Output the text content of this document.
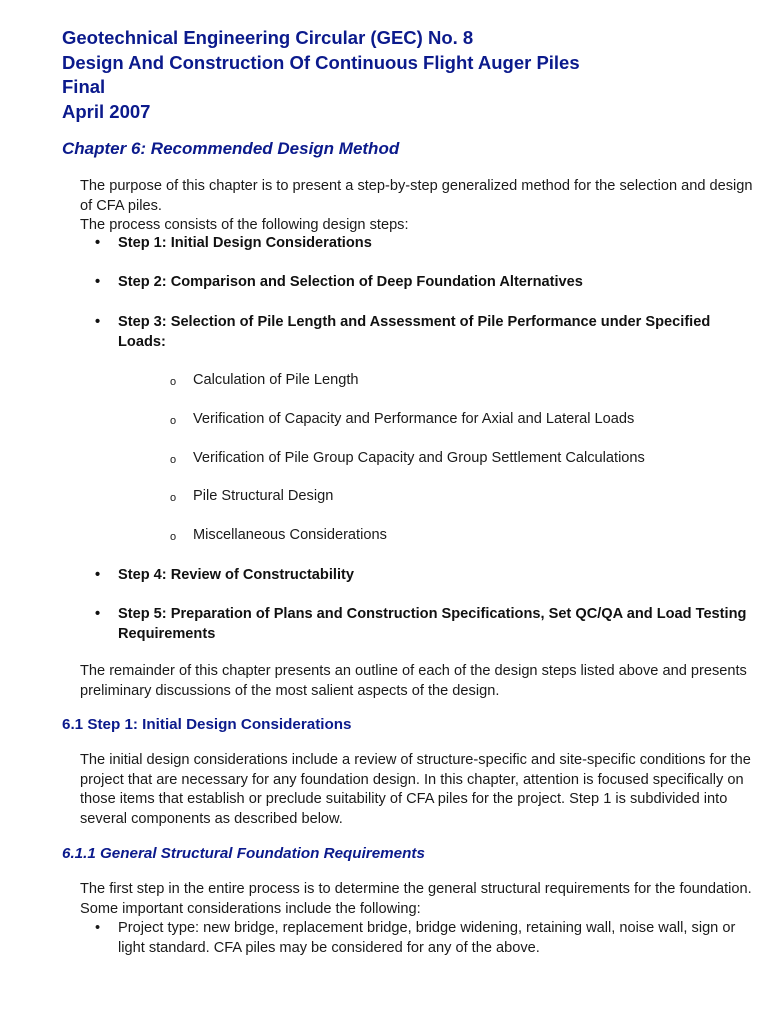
Geotechnical Engineering Circular (GEC) No. 8
Design And Construction Of Continuous Flight Auger Piles
Final
April 2007
Chapter 6: Recommended Design Method
The purpose of this chapter is to present a step-by-step generalized method for the selection and design of CFA piles.
The process consists of the following design steps:
•	Step 1: Initial Design Considerations
•	Step 2: Comparison and Selection of Deep Foundation Alternatives
•	Step 3: Selection of Pile Length and Assessment of Pile Performance under Specified Loads:
o Calculation of Pile Length
o Verification of Capacity and Performance for Axial and Lateral Loads
o Verification of Pile Group Capacity and Group Settlement Calculations
o Pile Structural Design
o Miscellaneous Considerations
•	Step 4: Review of Constructability
•	Step 5: Preparation of Plans and Construction Specifications, Set QC/QA and Load Testing Requirements
The remainder of this chapter presents an outline of each of the design steps listed above and presents preliminary discussions of the most salient aspects of the design.
6.1 Step 1: Initial Design Considerations
The initial design considerations include a review of structure-specific and site-specific conditions for the project that are necessary for any foundation design. In this chapter, attention is focused specifically on those items that establish or preclude suitability of CFA piles for the project. Step 1 is subdivided into several components as described below.
6.1.1 General Structural Foundation Requirements
The first step in the entire process is to determine the general structural requirements for the foundation. Some important considerations include the following:
• Project type: new bridge, replacement bridge, bridge widening, retaining wall, noise wall, sign or light standard. CFA piles may be considered for any of the above.
